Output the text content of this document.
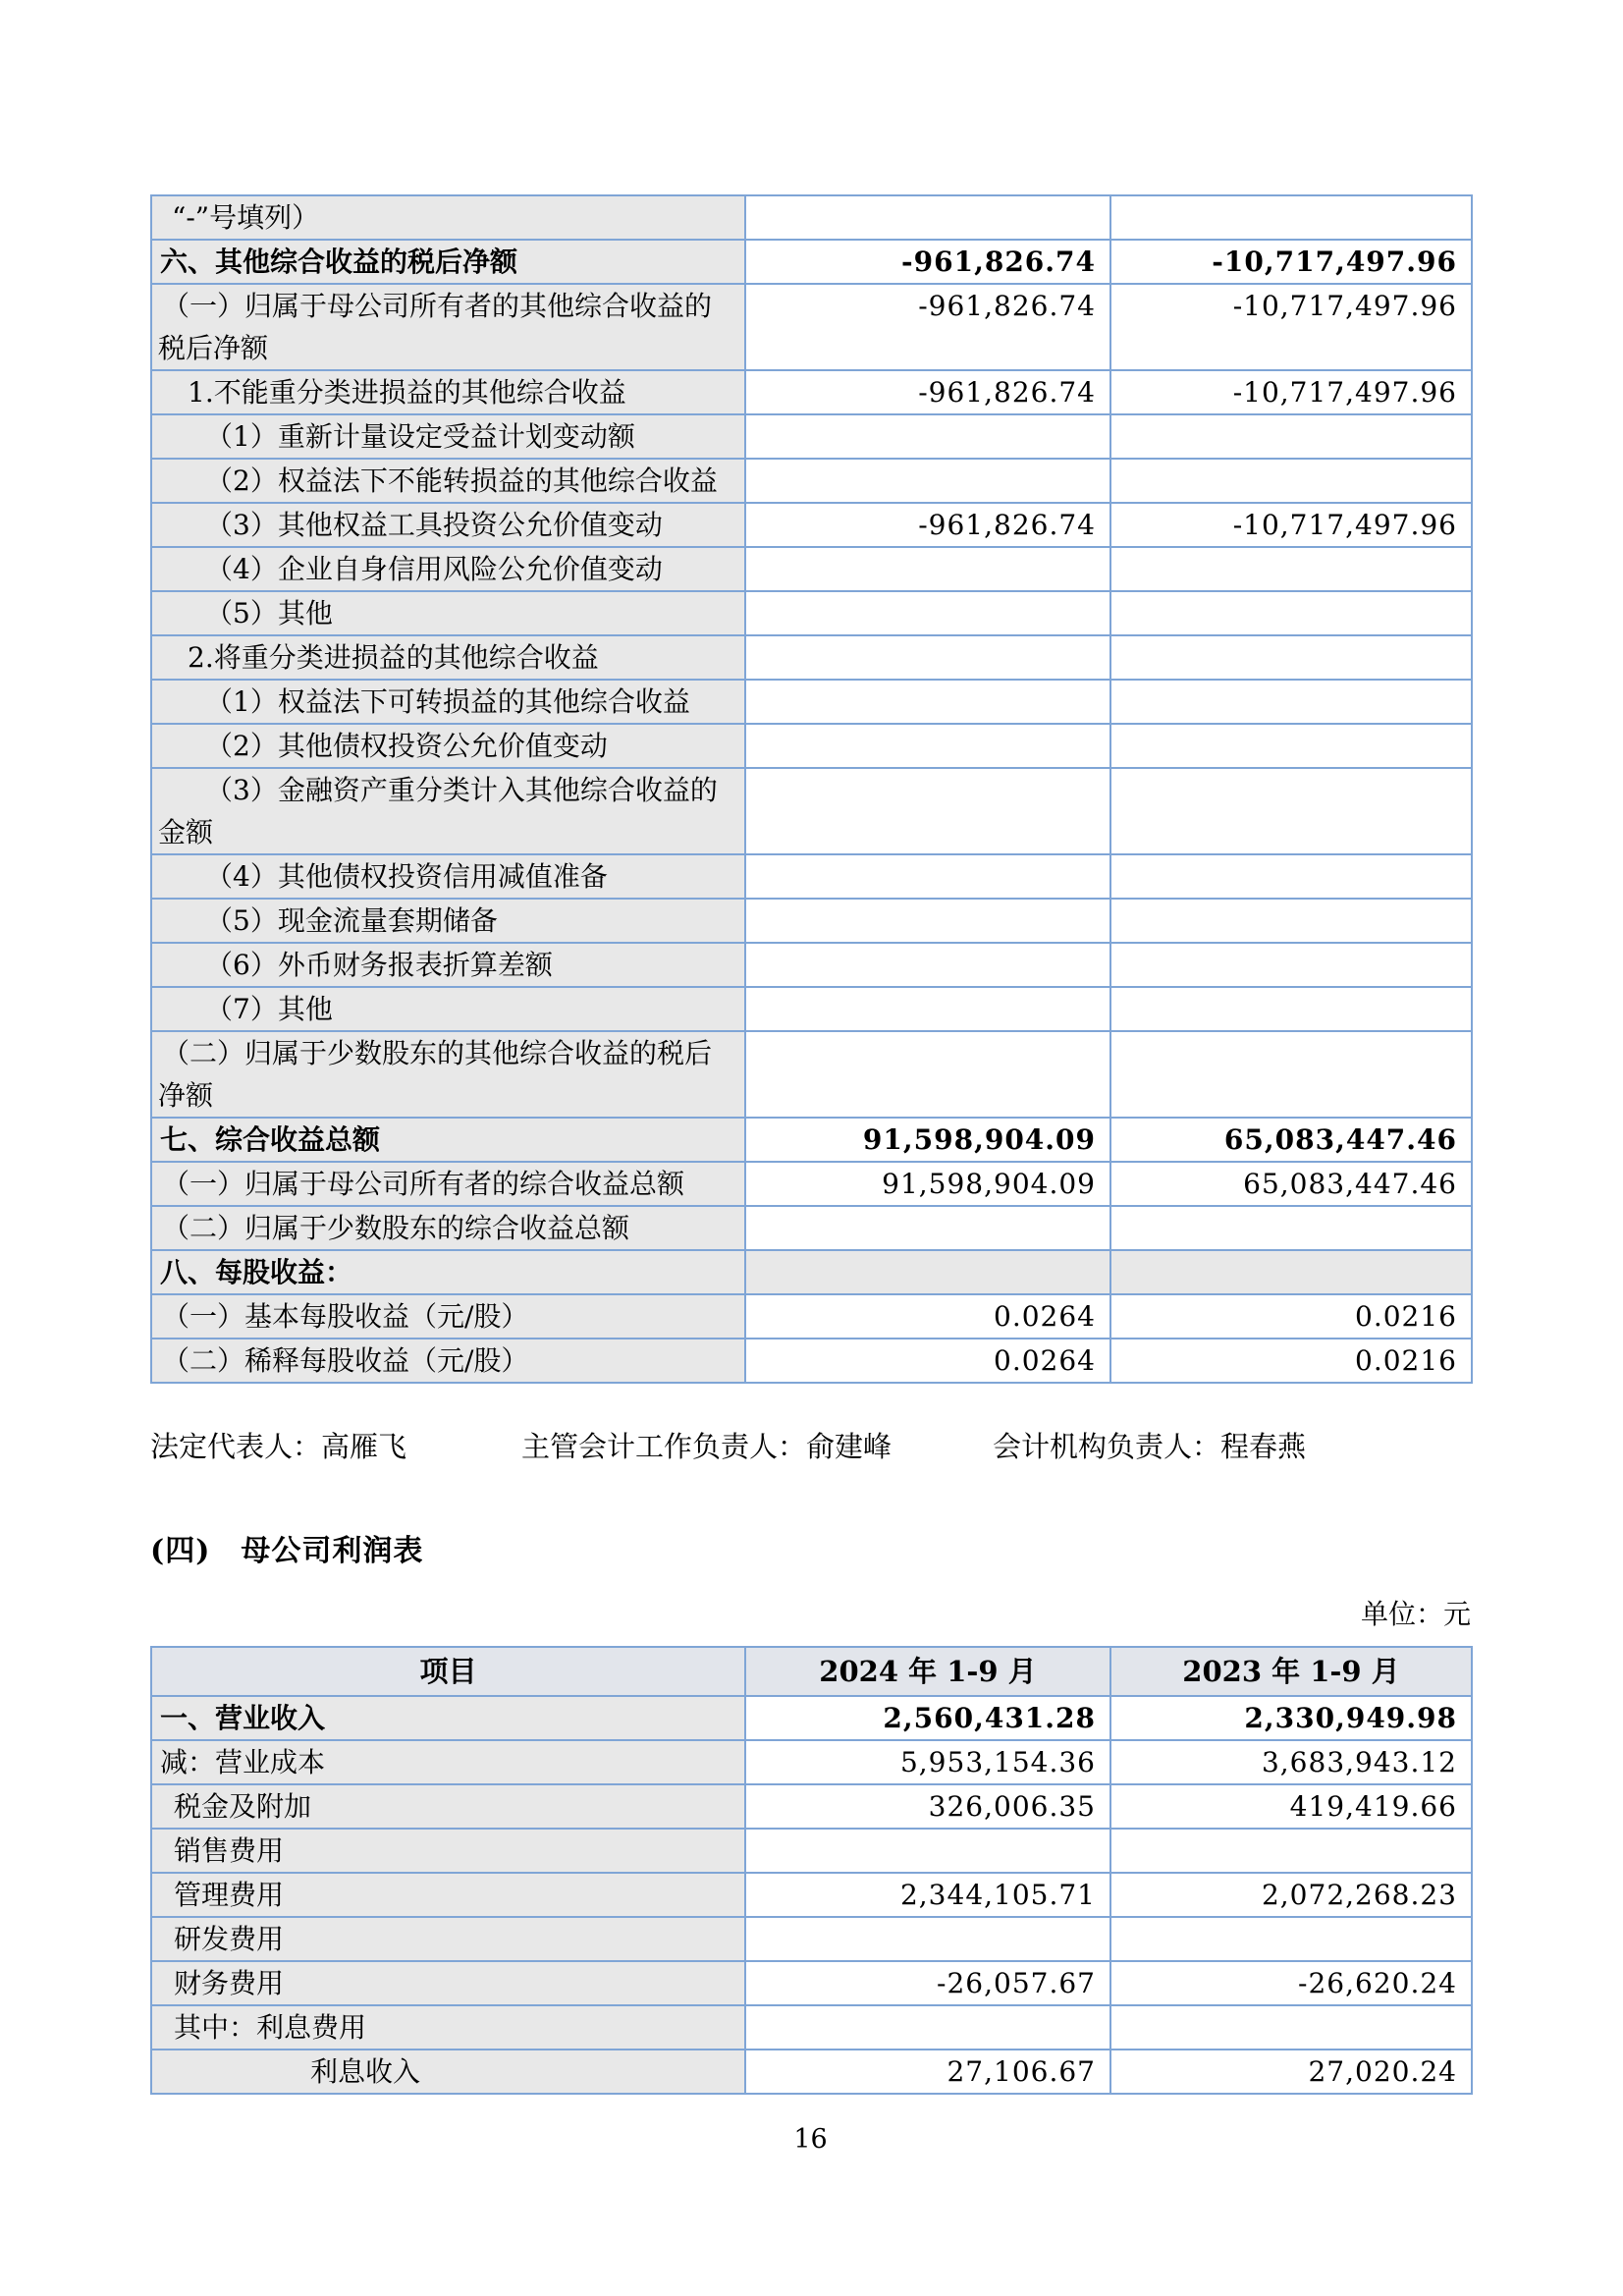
“-”号填列）		
六、其他综合收益的税后净额	-961,826.74	-10,717,497.96
（一）归属于母公司所有者的其他综合收益的税后净额	-961,826.74	-10,717,497.96
1.不能重分类进损益的其他综合收益	-961,826.74	-10,717,497.96
（1）重新计量设定受益计划变动额		
（2）权益法下不能转损益的其他综合收益		
（3）其他权益工具投资公允价值变动	-961,826.74	-10,717,497.96
（4）企业自身信用风险公允价值变动		
（5）其他		
2.将重分类进损益的其他综合收益		
（1）权益法下可转损益的其他综合收益		
（2）其他债权投资公允价值变动		
（3）金融资产重分类计入其他综合收益的金额		
（4）其他债权投资信用减值准备		
（5）现金流量套期储备		
（6）外币财务报表折算差额		
（7）其他		
（二）归属于少数股东的其他综合收益的税后净额		
七、综合收益总额	91,598,904.09	65,083,447.46
（一）归属于母公司所有者的综合收益总额	91,598,904.09	65,083,447.46
（二）归属于少数股东的综合收益总额		
八、每股收益：		
（一）基本每股收益（元/股）	0.0264	0.0216
（二）稀释每股收益（元/股）	0.0264	0.0216
法定代表人：高雁飞	主管会计工作负责人：俞建峰	会计机构负责人：程春燕
(四)　母公司利润表
单位：元
项目	2024 年 1-9 月	2023 年 1-9 月
一、营业收入	2,560,431.28	2,330,949.98
减：营业成本	5,953,154.36	3,683,943.12
税金及附加	326,006.35	419,419.66
销售费用		
管理费用	2,344,105.71	2,072,268.23
研发费用		
财务费用	-26,057.67	-26,620.24
其中：利息费用		
利息收入	27,106.67	27,020.24
16
